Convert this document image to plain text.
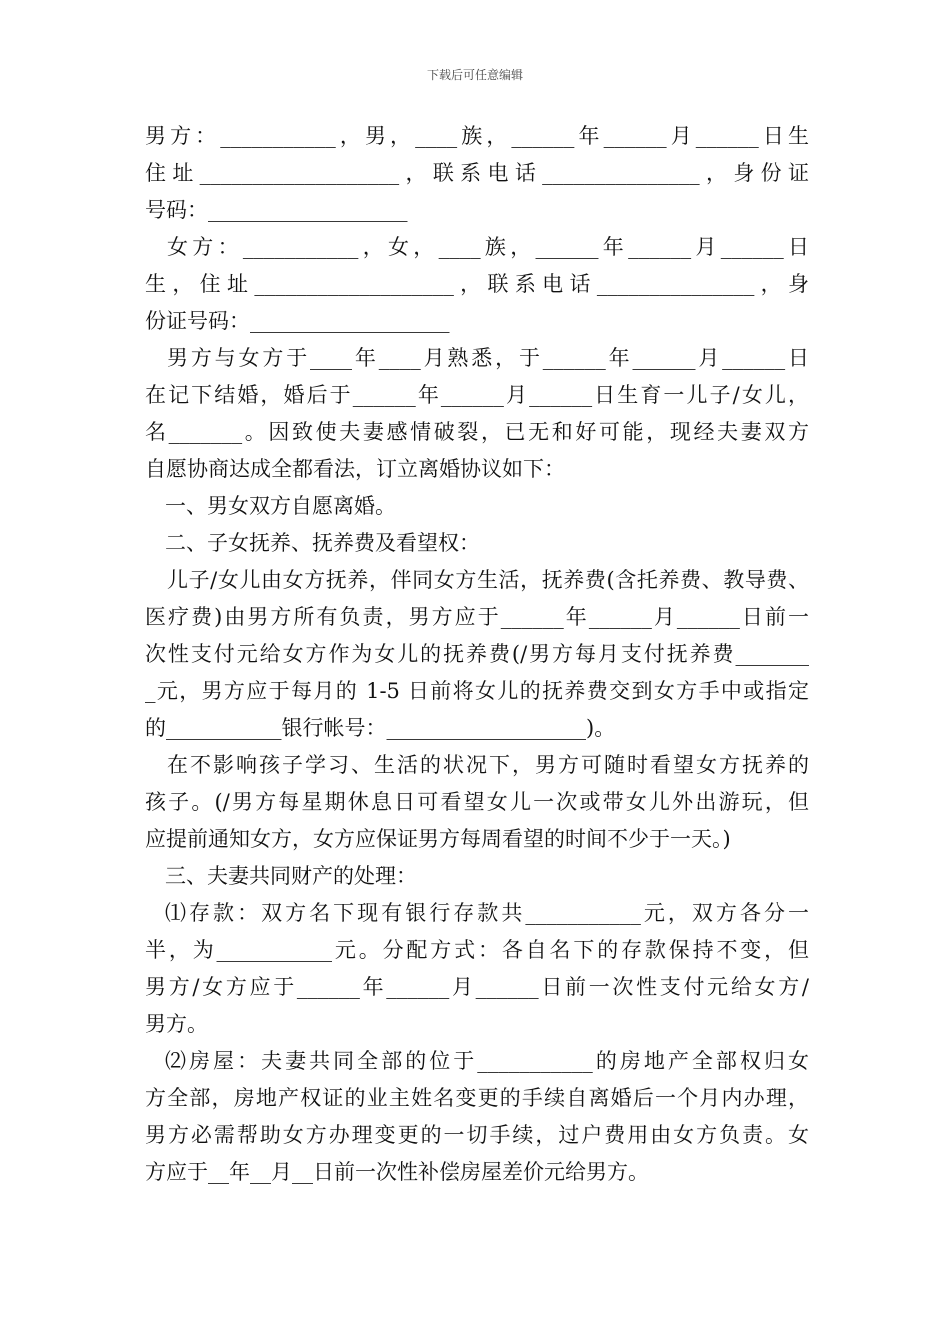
下载后可任意编辑
男方：___________，男，____族，______年______月______日生
住址___________________，联系电话_______________，身份证
号码：___________________
女方：___________，女，____族，______年______月______日
生，住址___________________，联系电话_______________，身
份证号码：___________________
男方与女方于____年____月熟悉，于______年______月______日
在记下结婚，婚后于______年______月______日生育一儿子/女儿，
名_______。因致使夫妻感情破裂，已无和好可能，现经夫妻双方
自愿协商达成全都看法，订立离婚协议如下：
一、男女双方自愿离婚。
二、子女抚养、抚养费及看望权：
儿子/女儿由女方抚养，伴同女方生活，抚养费(含托养费、教导费、
医疗费)由男方所有负责，男方应于______年______月______日前一
次性支付元给女方作为女儿的抚养费(/男方每月支付抚养费_______
_元，男方应于每月的 1-5 日前将女儿的抚养费交到女方手中或指定
的___________银行帐号：___________________)。
在不影响孩子学习、生活的状况下，男方可随时看望女方抚养的
孩子。(/男方每星期休息日可看望女儿一次或带女儿外出游玩，但
应提前通知女方，女方应保证男方每周看望的时间不少于一天。)
三、夫妻共同财产的处理：
⑴存款：双方名下现有银行存款共___________元，双方各分一
半，为___________元。分配方式：各自名下的存款保持不变，但
男方/女方应于______年______月______日前一次性支付元给女方/
男方。
⑵房屋：夫妻共同全部的位于___________的房地产全部权归女
方全部，房地产权证的业主姓名变更的手续自离婚后一个月内办理，
男方必需帮助女方办理变更的一切手续，过户费用由女方负责。女
方应于__年__月__日前一次性补偿房屋差价元给男方。
